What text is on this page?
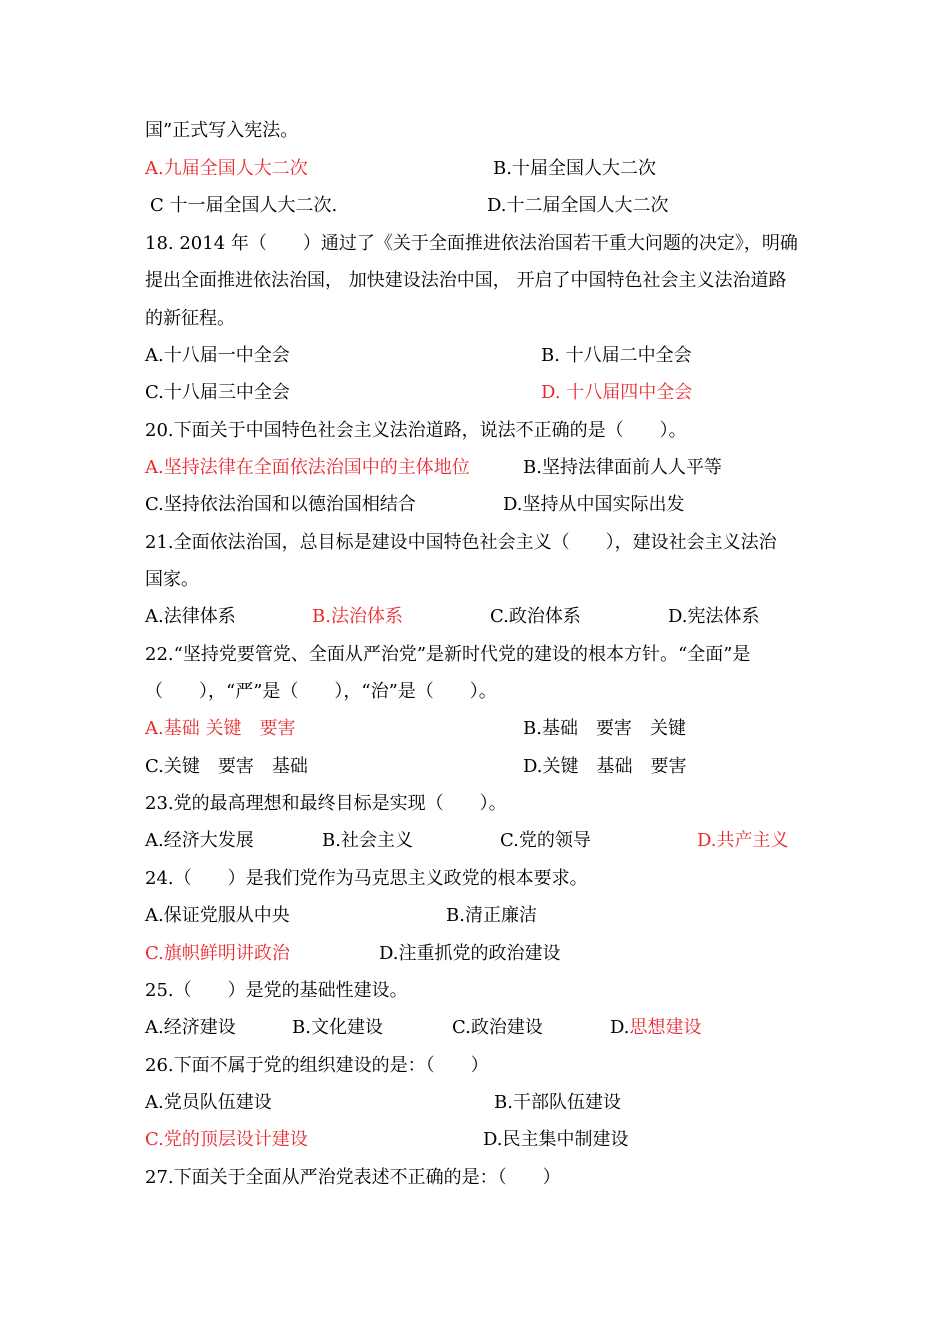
国”正式写入宪法。
A.九届全国人大二次	B.十届全国人大二次
C 十一届全国人大二次.	D.十二届全国人大二次
18. 2014 年（　　）通过了《关于全面推进依法治国若干重大问题的决定》，明确
提出全面推进依法治国， 加快建设法治中国， 开启了中国特色社会主义法治道路
的新征程。
A.十八届一中全会	B. 十八届二中全会
C.十八届三中全会	D. 十八届四中全会
20.下面关于中国特色社会主义法治道路，说法不正确的是（　　）。
A.坚持法律在全面依法治国中的主体地位	B.坚持法律面前人人平等
C.坚持依法治国和以德治国相结合	D.坚持从中国实际出发
21.全面依法治国，总目标是建设中国特色社会主义（　　），建设社会主义法治
国家。
A.法律体系	B.法治体系	C.政治体系	D.宪法体系
22.“坚持党要管党、全面从严治党”是新时代党的建设的根本方针。“全面”是
（　　），“严”是（　　），“治”是（　　）。
A.基础 关键　要害	B.基础　要害　关键
C.关键　要害　基础	D.关键　基础　要害
23.党的最高理想和最终目标是实现（　　）。
A.经济大发展	B.社会主义	C.党的领导	D.共产主义
24.（　　）是我们党作为马克思主义政党的根本要求。
A.保证党服从中央	B.清正廉洁
C.旗帜鲜明讲政治	D.注重抓党的政治建设
25.（　　）是党的基础性建设。
A.经济建设	B.文化建设	C.政治建设	D.思想建设
26.下面不属于党的组织建设的是：（　　）
A.党员队伍建设	B.干部队伍建设
C.党的顶层设计建设	D.民主集中制建设
27.下面关于全面从严治党表述不正确的是：（　　）
